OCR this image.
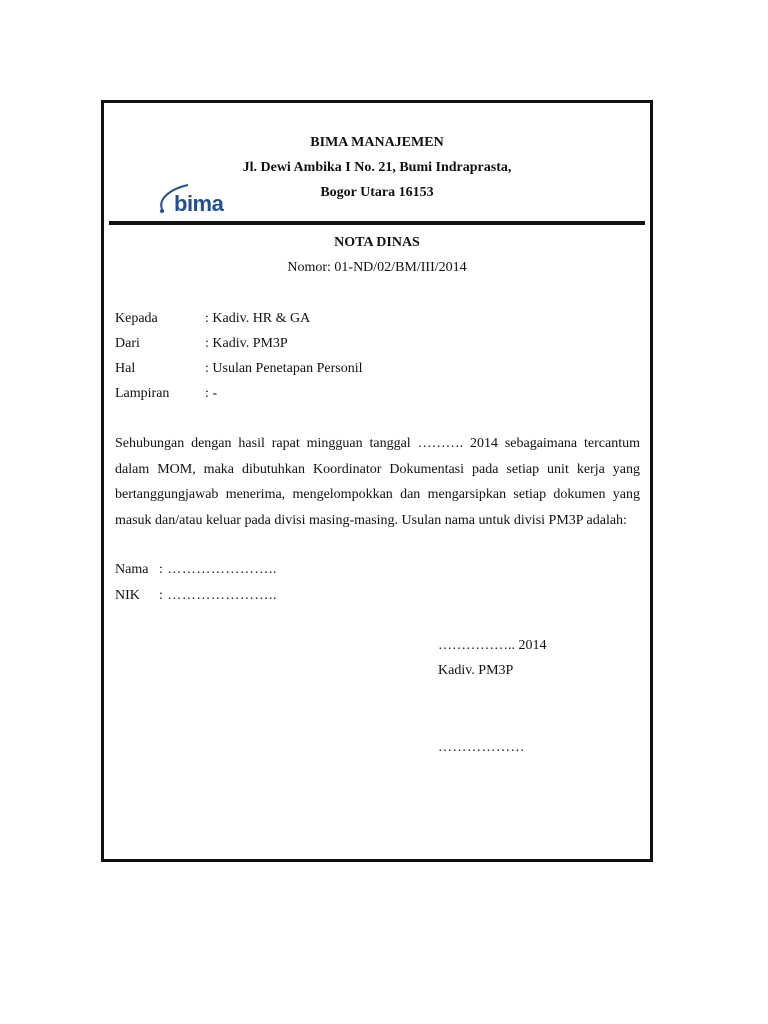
BIMA MANAJEMEN
Jl. Dewi Ambika I No. 21, Bumi Indraprasta,
Bogor Utara 16153
bima
NOTA DINAS
Nomor: 01-ND/02/BM/III/2014
Kepada	: Kadiv. HR & GA
Dari	: Kadiv. PM3P
Hal	: Usulan Penetapan Personil
Lampiran	: -
Sehubungan dengan hasil rapat mingguan tanggal ………. 2014 sebagaimana tercantum dalam MOM, maka dibutuhkan Koordinator Dokumentasi pada setiap unit kerja yang bertanggungjawab menerima, mengelompokkan dan mengarsipkan setiap dokumen yang masuk dan/atau keluar pada divisi masing-masing. Usulan nama untuk divisi PM3P adalah:
Nama : …………………..
NIK : …………………..
…………….. 2014
Kadiv. PM3P
………………
